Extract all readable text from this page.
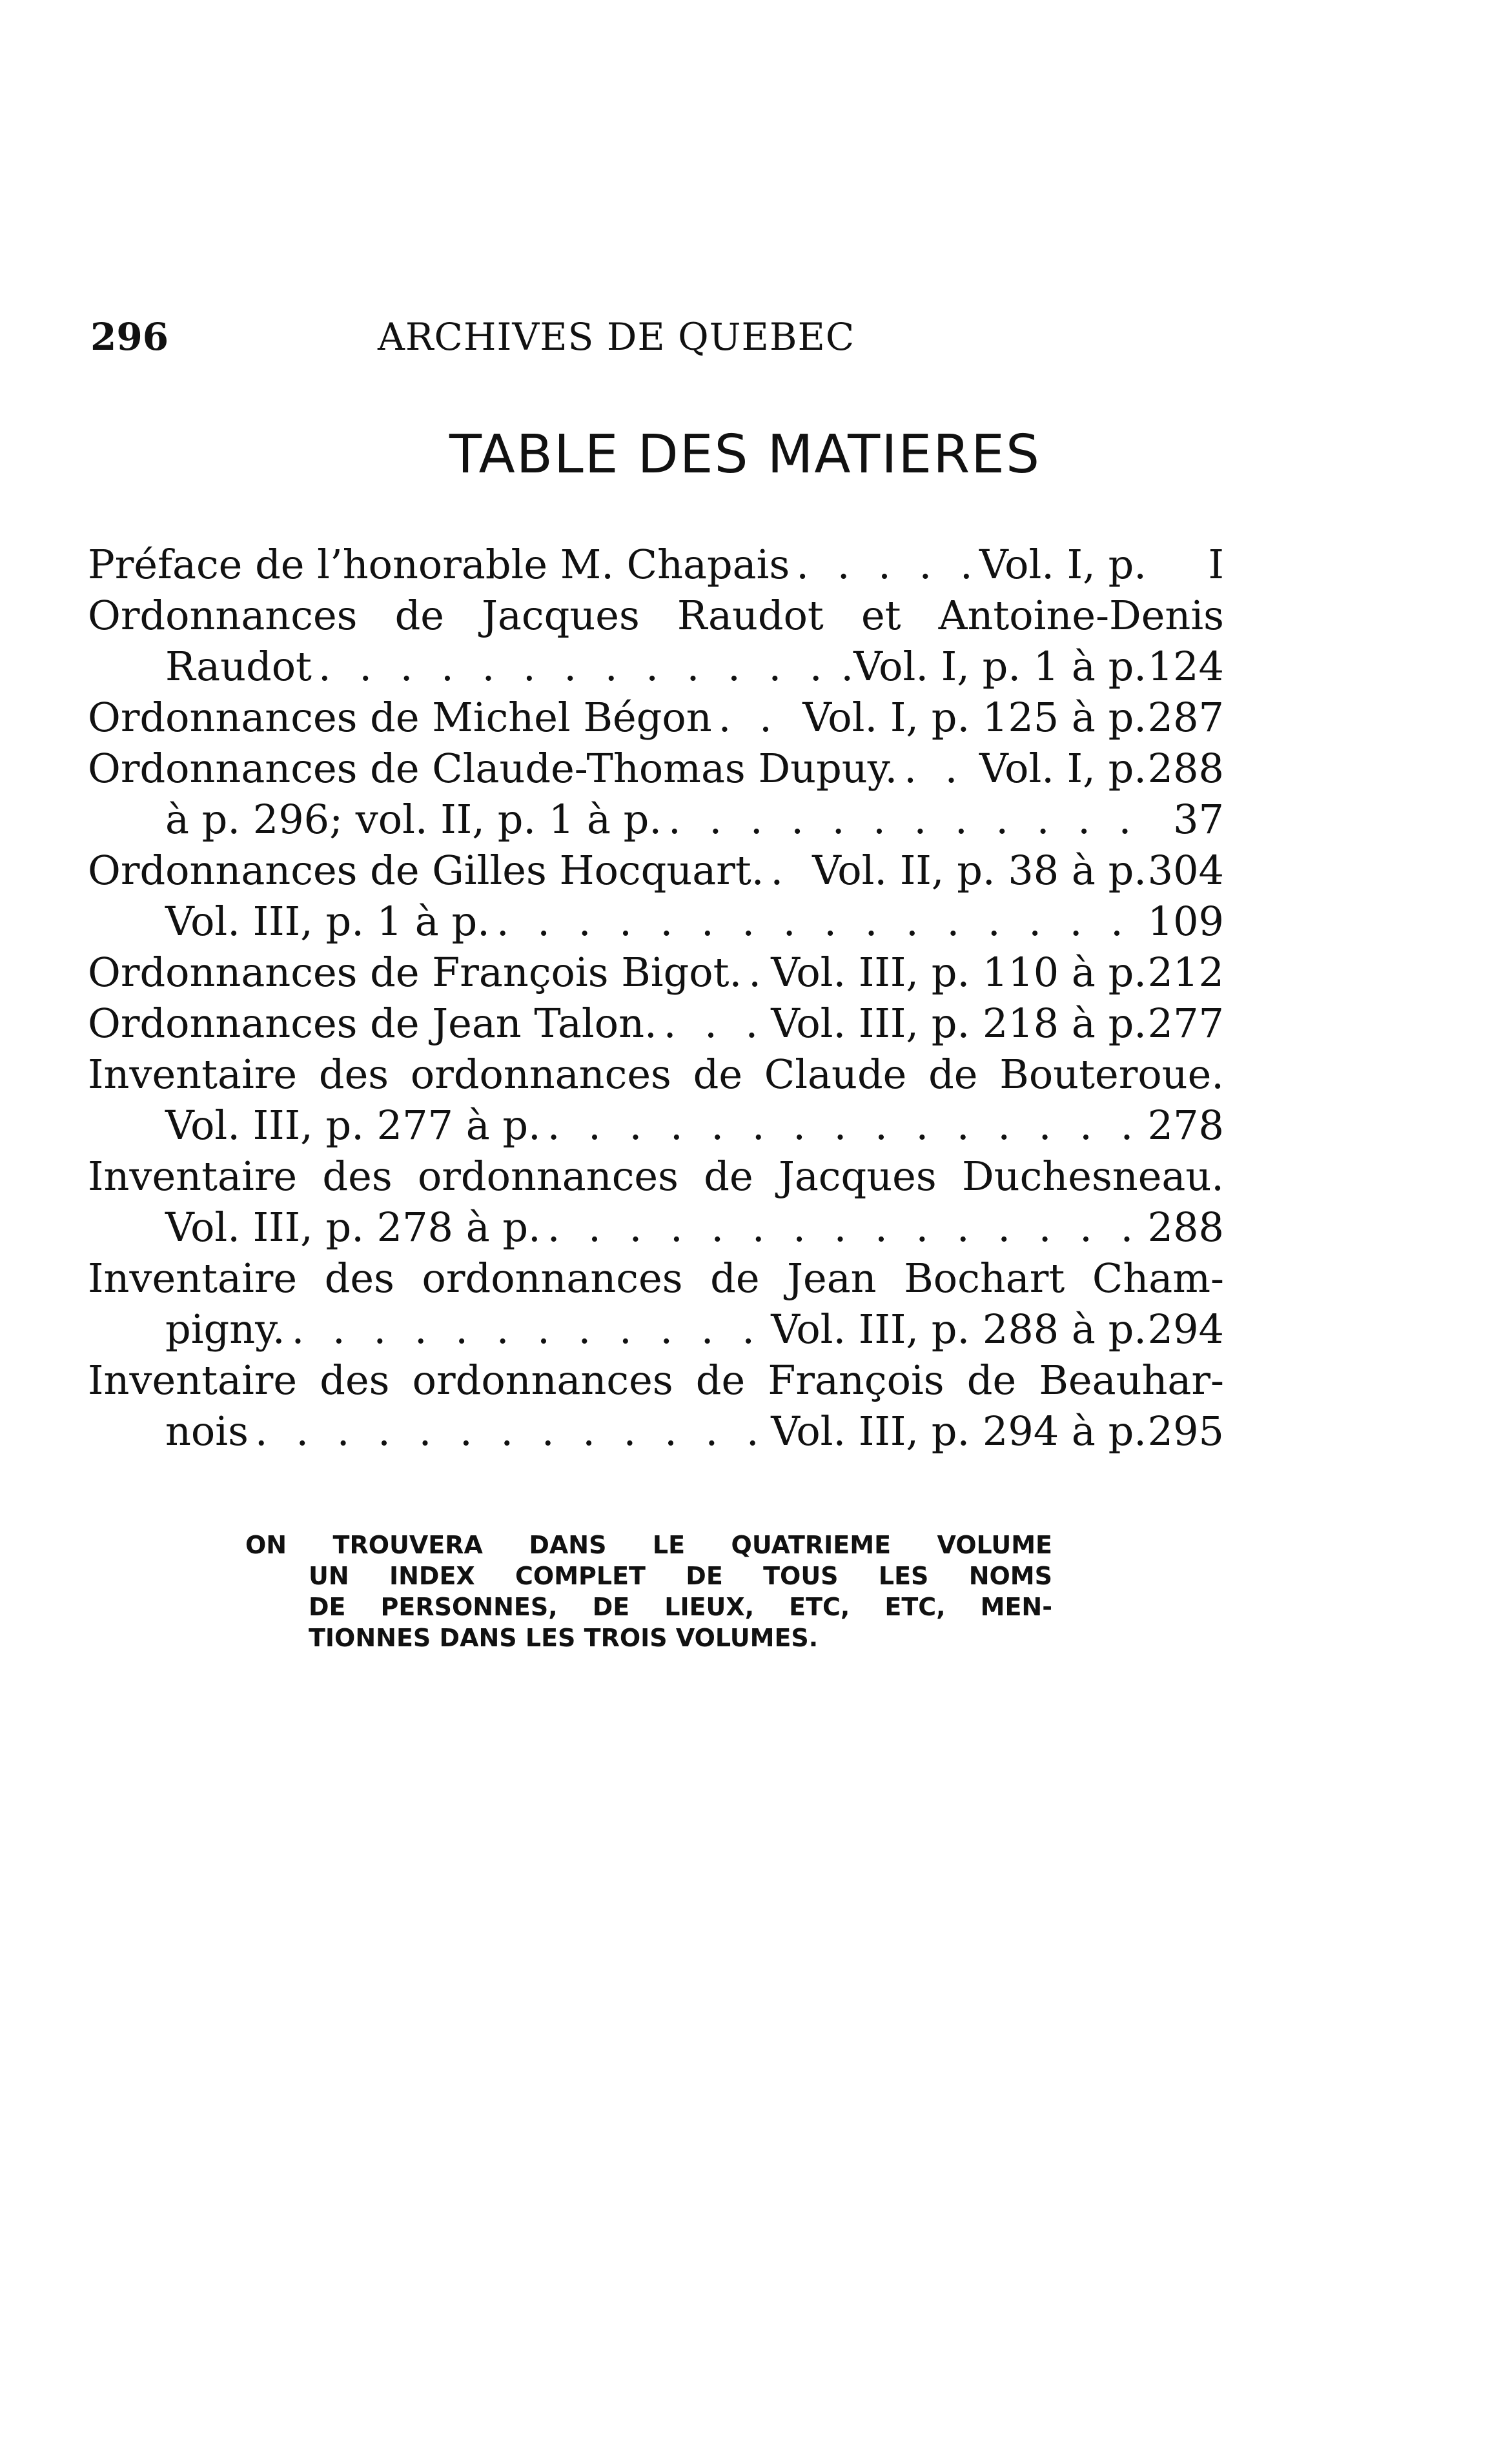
296	ARCHIVES DE QUEBEC
TABLE DES MATIERES
Préface de l’honorable M. Chapais . . .	Vol. I, p.	I
Ordonnances de Jacques Raudot et Antoine-Denis
Raudot . . .	.Vol. I, p. 1 à p. 124
Ordonnances de Michel Bégon . . . Vol. I, p. 125 à p. 287
Ordonnances de Claude-Thomas Dupuy. . . . Vol. I, p. 288
à p. 296; vol. II, p. 1 à p. . . .	37
Ordonnances de Gilles Hocquart. . . . Vol. II, p. 38 à p. 304
Vol. III, p. 1 à p. . . .	109
Ordonnances de François Bigot. . . . Vol. III, p. 110 à p. 212
Ordonnances de Jean Talon. . . .	Vol. III, p. 218 à p. 277
Inventaire des ordonnances de Claude de Bouteroue.
Vol. III, p. 277 à p. . . .	278
Inventaire des ordonnances de Jacques Duchesneau.
Vol. III, p. 278 à p. . . .	288
Inventaire des ordonnances de Jean Bochart Cham-
pigny. . . .	Vol. III, p. 288 à p. 294
Inventaire des ordonnances de François de Beauhar-
nois . . .	Vol. III, p. 294 à p. 295
ON TROUVERA DANS LE QUATRIEME VOLUME
UN INDEX COMPLET DE TOUS LES NOMS
DE PERSONNES, DE LIEUX, ETC, ETC, MEN-
TIONNES DANS LES TROIS VOLUMES.
